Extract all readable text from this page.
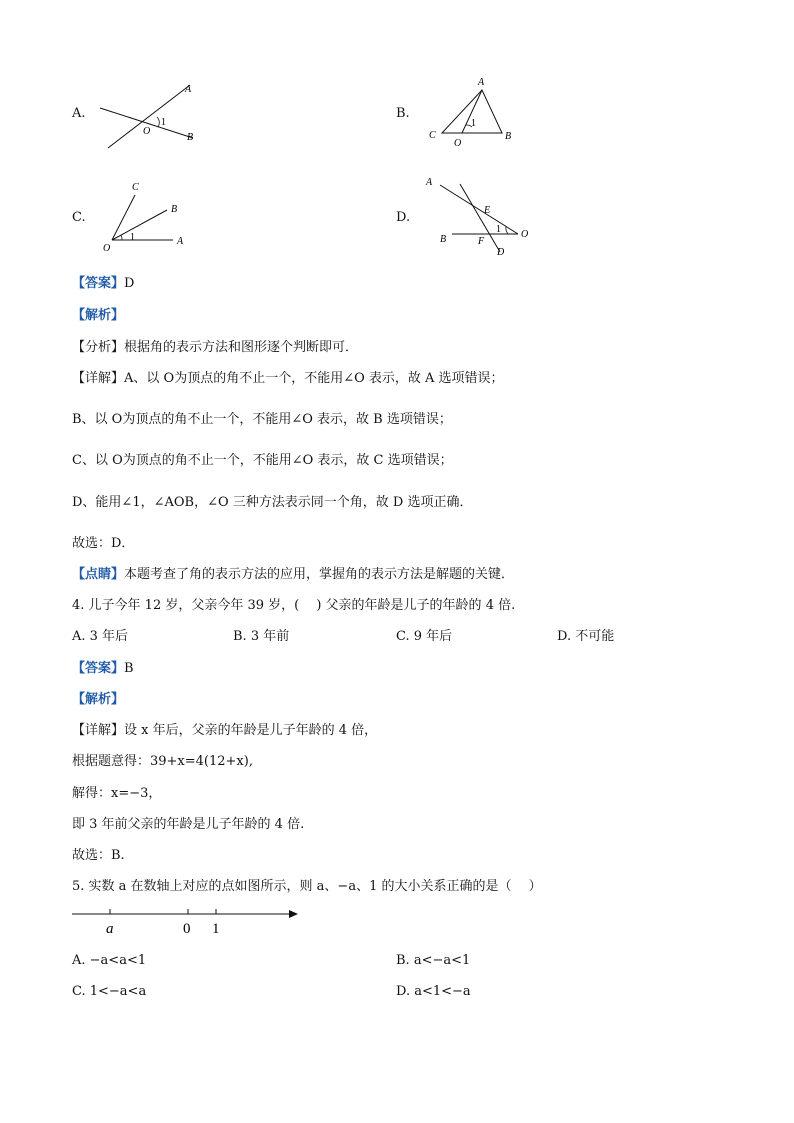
A.
A
O
1
B
B.
A
C
1
O
B
C.
C
B
1
O
A
D.
A
E
1 O
B	F
D
【答案】D
【解析】
【分析】根据角的表示方法和图形逐个判断即可．
【详解】A、以 O为顶点的角不止一个，不能用∠O 表示，故 A 选项错误；
B、以 O为顶点的角不止一个，不能用∠O 表示，故 B 选项错误；
C、以 O为顶点的角不止一个，不能用∠O 表示，故 C 选项错误；
D、能用∠1，∠AOB，∠O 三种方法表示同一个角，故 D 选项正确．
故选：D．
【点睛】本题考查了角的表示方法的应用，掌握角的表示方法是解题的关键．
4. 儿子今年 12 岁，父亲今年 39 岁，(　 ) 父亲的年龄是儿子的年龄的 4 倍.
A. 3 年后	B. 3 年前	C. 9 年后	D. 不可能
【答案】B
【解析】
【详解】设 x 年后，父亲的年龄是儿子年龄的 4 倍，
根据题意得：39+x=4(12+x),
解得：x=−3，
即 3 年前父亲的年龄是儿子年龄的 4 倍.
故选：B.
5. 实数 a 在数轴上对应的点如图所示，则 a、−a、1 的大小关系正确的是（　 ）
a	0 1
A. −a<a<1	B. a<−a<1
C. 1<−a<a	D. a<1<−a
